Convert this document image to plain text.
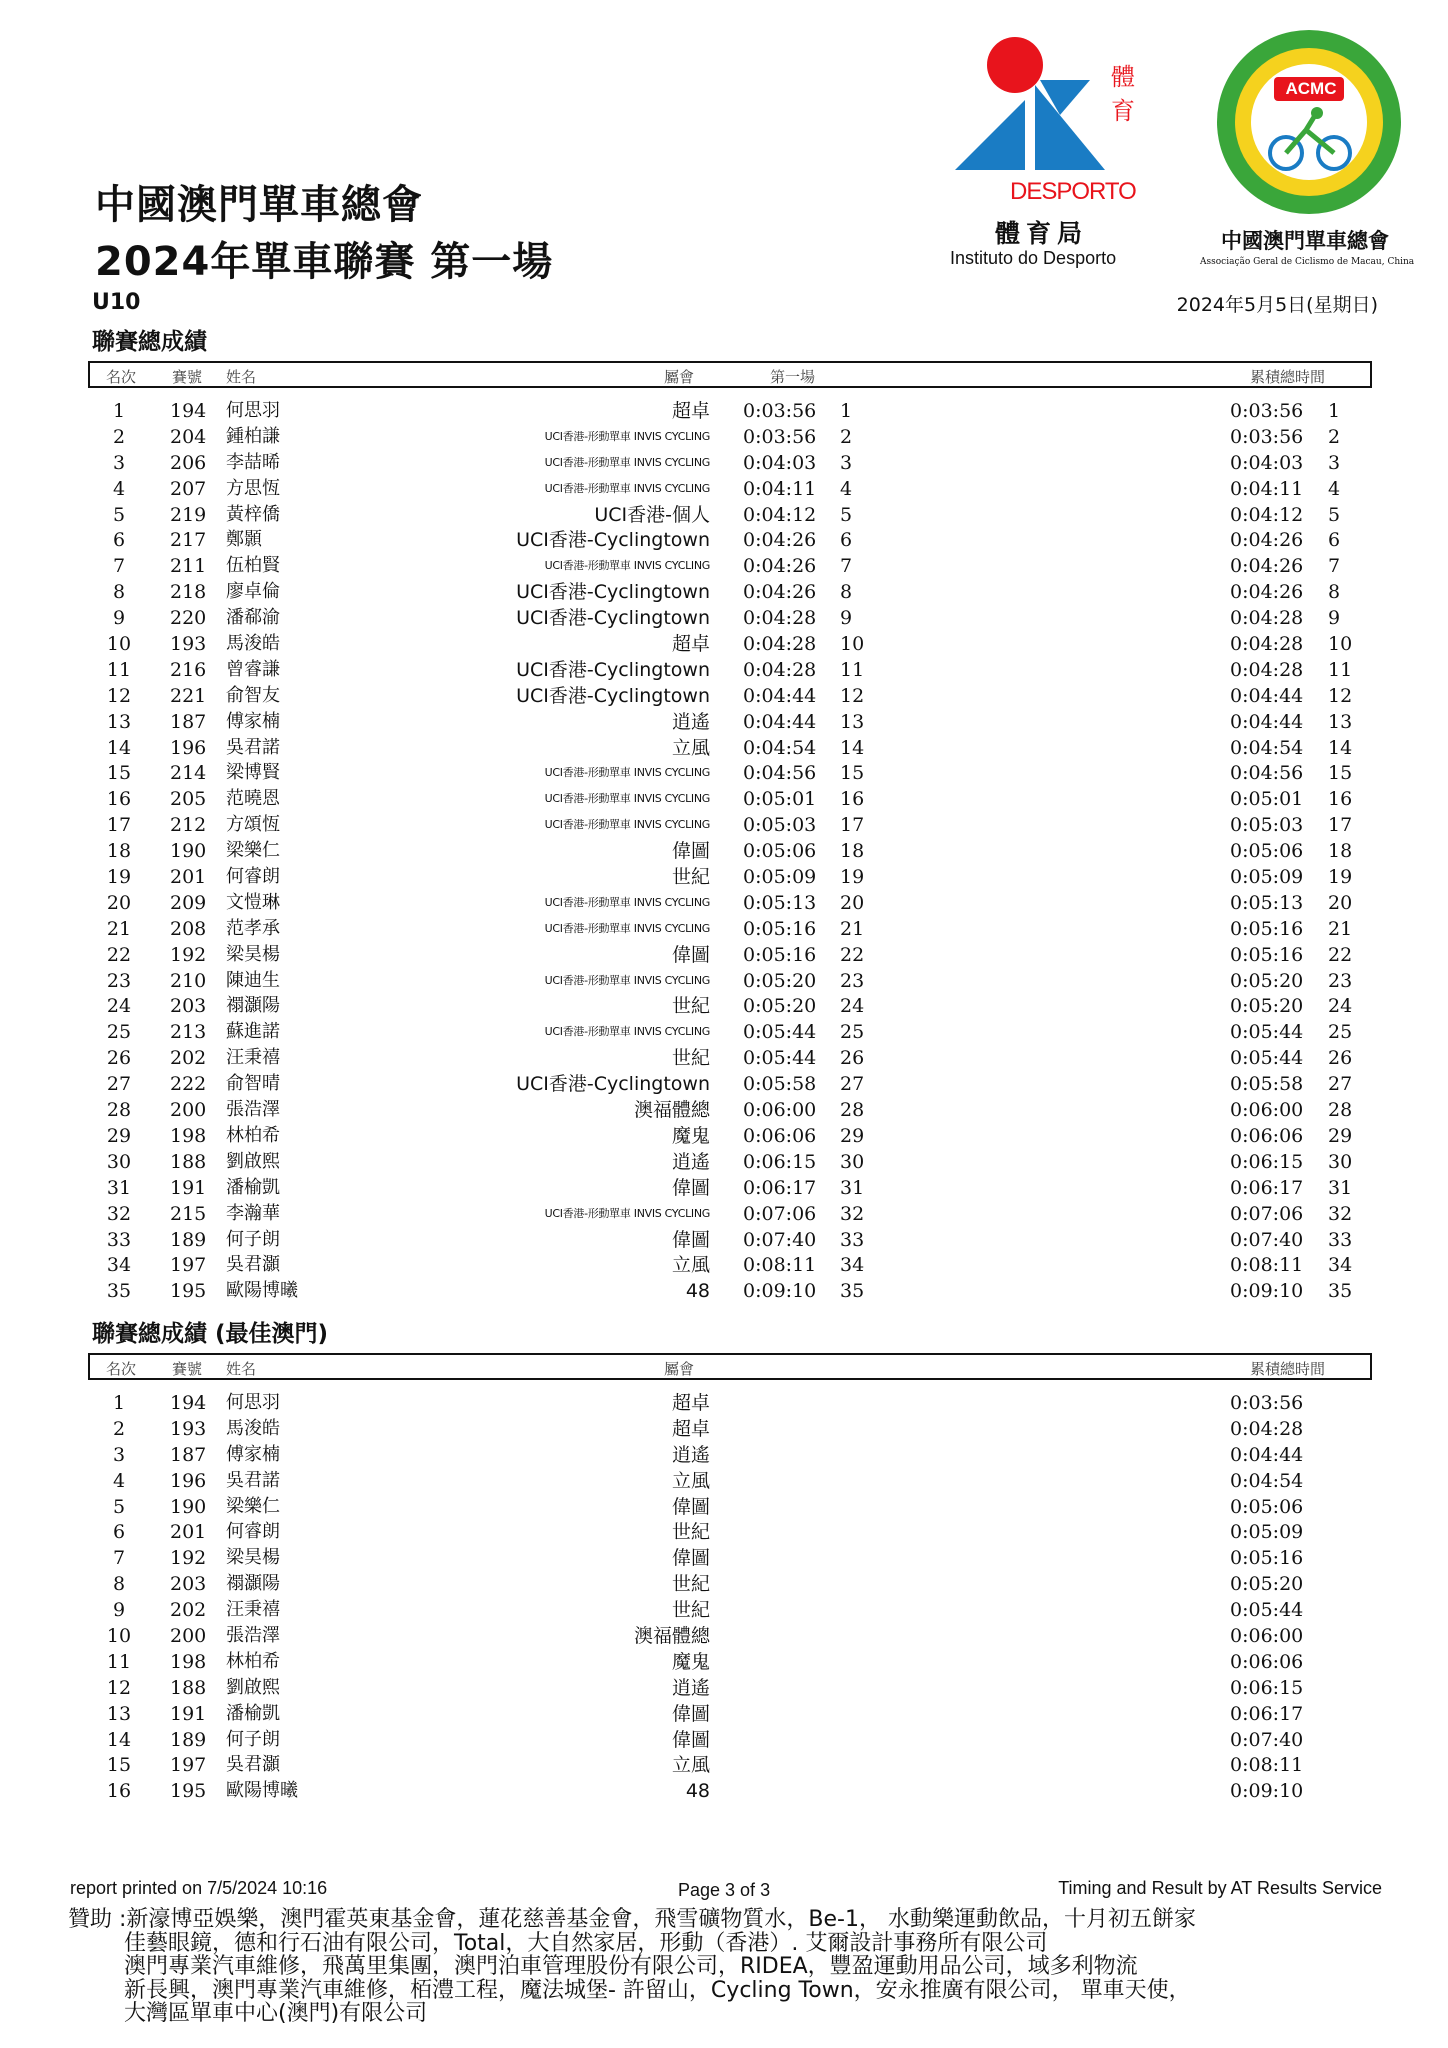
中國澳門單車總會
2024年單車聯賽 第一場
U10	2024年5月5日(星期日)
體育
DESPORTO
體育局
Instituto do Desporto
ACMC
中國澳門單車總會
Associação Geral de Ciclismo de Macau, China
聯賽總成績
名次 賽號 姓名	屬會	第一場	累積總時間
1	194 何思羽	超卓 0:03:56 1	0:03:56 1
2	204 鍾柏謙	UCI香港-形動單車 INVIS CYCLING 0:03:56 2	0:03:56 2
3	206 李喆晞	UCI香港-形動單車 INVIS CYCLING 0:04:03 3	0:04:03 3
4	207 方思恆	UCI香港-形動單車 INVIS CYCLING 0:04:11 4	0:04:11 4
5	219 黃梓僑	UCI香港-個人 0:04:12 5	0:04:12 5
6	217 鄭顥	UCI香港-Cyclingtown 0:04:26 6	0:04:26 6
7	211 伍柏賢	UCI香港-形動單車 INVIS CYCLING 0:04:26 7	0:04:26 7
8	218 廖卓倫	UCI香港-Cyclingtown 0:04:26 8	0:04:26 8
9	220 潘郗渝	UCI香港-Cyclingtown 0:04:28 9	0:04:28 9
10 193 馬浚皓	超卓 0:04:28 10	0:04:28 10
11 216 曾睿謙	UCI香港-Cyclingtown 0:04:28 11	0:04:28 11
12 221 俞智友	UCI香港-Cyclingtown 0:04:44 12	0:04:44 12
13 187 傅家楠	逍遙 0:04:44 13	0:04:44 13
14 196 吳君諾	立風 0:04:54 14	0:04:54 14
15 214 梁博賢	UCI香港-形動單車 INVIS CYCLING 0:04:56 15	0:04:56 15
16 205 范曉恩	UCI香港-形動單車 INVIS CYCLING 0:05:01 16	0:05:01 16
17 212 方頌恆	UCI香港-形動單車 INVIS CYCLING 0:05:03 17	0:05:03 17
18 190 梁樂仁	偉圖 0:05:06 18	0:05:06 18
19 201 何睿朗	世紀 0:05:09 19	0:05:09 19
20 209 文愷琳	UCI香港-形動單車 INVIS CYCLING 0:05:13 20	0:05:13 20
21 208 范孝承	UCI香港-形動單車 INVIS CYCLING 0:05:16 21	0:05:16 21
22 192 梁昊楊	偉圖 0:05:16 22	0:05:16 22
23 210 陳迪生	UCI香港-形動單車 INVIS CYCLING 0:05:20 23	0:05:20 23
24 203 禤灝陽	世紀 0:05:20 24	0:05:20 24
25 213 蘇進諾	UCI香港-形動單車 INVIS CYCLING 0:05:44 25	0:05:44 25
26 202 汪秉禧	世紀 0:05:44 26	0:05:44 26
27 222 俞智晴	UCI香港-Cyclingtown 0:05:58 27	0:05:58 27
28 200 張浩澤	澳福體總 0:06:00 28	0:06:00 28
29 198 林柏希	魔鬼 0:06:06 29	0:06:06 29
30 188 劉啟熙	逍遙 0:06:15 30	0:06:15 30
31 191 潘榆凱	偉圖 0:06:17 31	0:06:17 31
32 215 李瀚華	UCI香港-形動單車 INVIS CYCLING 0:07:06 32	0:07:06 32
33 189 何子朗	偉圖 0:07:40 33	0:07:40 33
34 197 吳君灝	立風 0:08:11 34	0:08:11 34
35 195 歐陽博曦	48 0:09:10 35	0:09:10 35
聯賽總成績 (最佳澳門)
名次 賽號 姓名	屬會	累積總時間
1	194 何思羽	超卓	0:03:56
2	193 馬浚皓	超卓	0:04:28
3	187 傅家楠	逍遙	0:04:44
4	196 吳君諾	立風	0:04:54
5	190 梁樂仁	偉圖	0:05:06
6	201 何睿朗	世紀	0:05:09
7	192 梁昊楊	偉圖	0:05:16
8	203 禤灝陽	世紀	0:05:20
9	202 汪秉禧	世紀	0:05:44
10 200 張浩澤	澳福體總	0:06:00
11 198 林柏希	魔鬼	0:06:06
12 188 劉啟熙	逍遙	0:06:15
13 191 潘榆凱	偉圖	0:06:17
14 189 何子朗	偉圖	0:07:40
15 197 吳君灝	立風	0:08:11
16 195 歐陽博曦	48	0:09:10
report printed on 7/5/2024 10:16	Page 3 of 3	Timing and Result by AT Results Service
贊助 :新濠博亞娛樂，澳門霍英東基金會，蓮花慈善基金會，飛雪礦物質水，Be-1， 水動樂運動飲品，十月初五餅家
佳藝眼鏡，德和行石油有限公司，Total，大自然家居，形動（香港）. 艾爾設計事務所有限公司
澳門專業汽車維修，飛萬里集團，澳門泊車管理股份有限公司，RIDEA，豐盈運動用品公司，域多利物流
新長興，澳門專業汽車維修，栢澧工程，魔法城堡- 許留山，Cycling Town，安永推廣有限公司， 單車天使，
大灣區單車中心(澳門)有限公司
